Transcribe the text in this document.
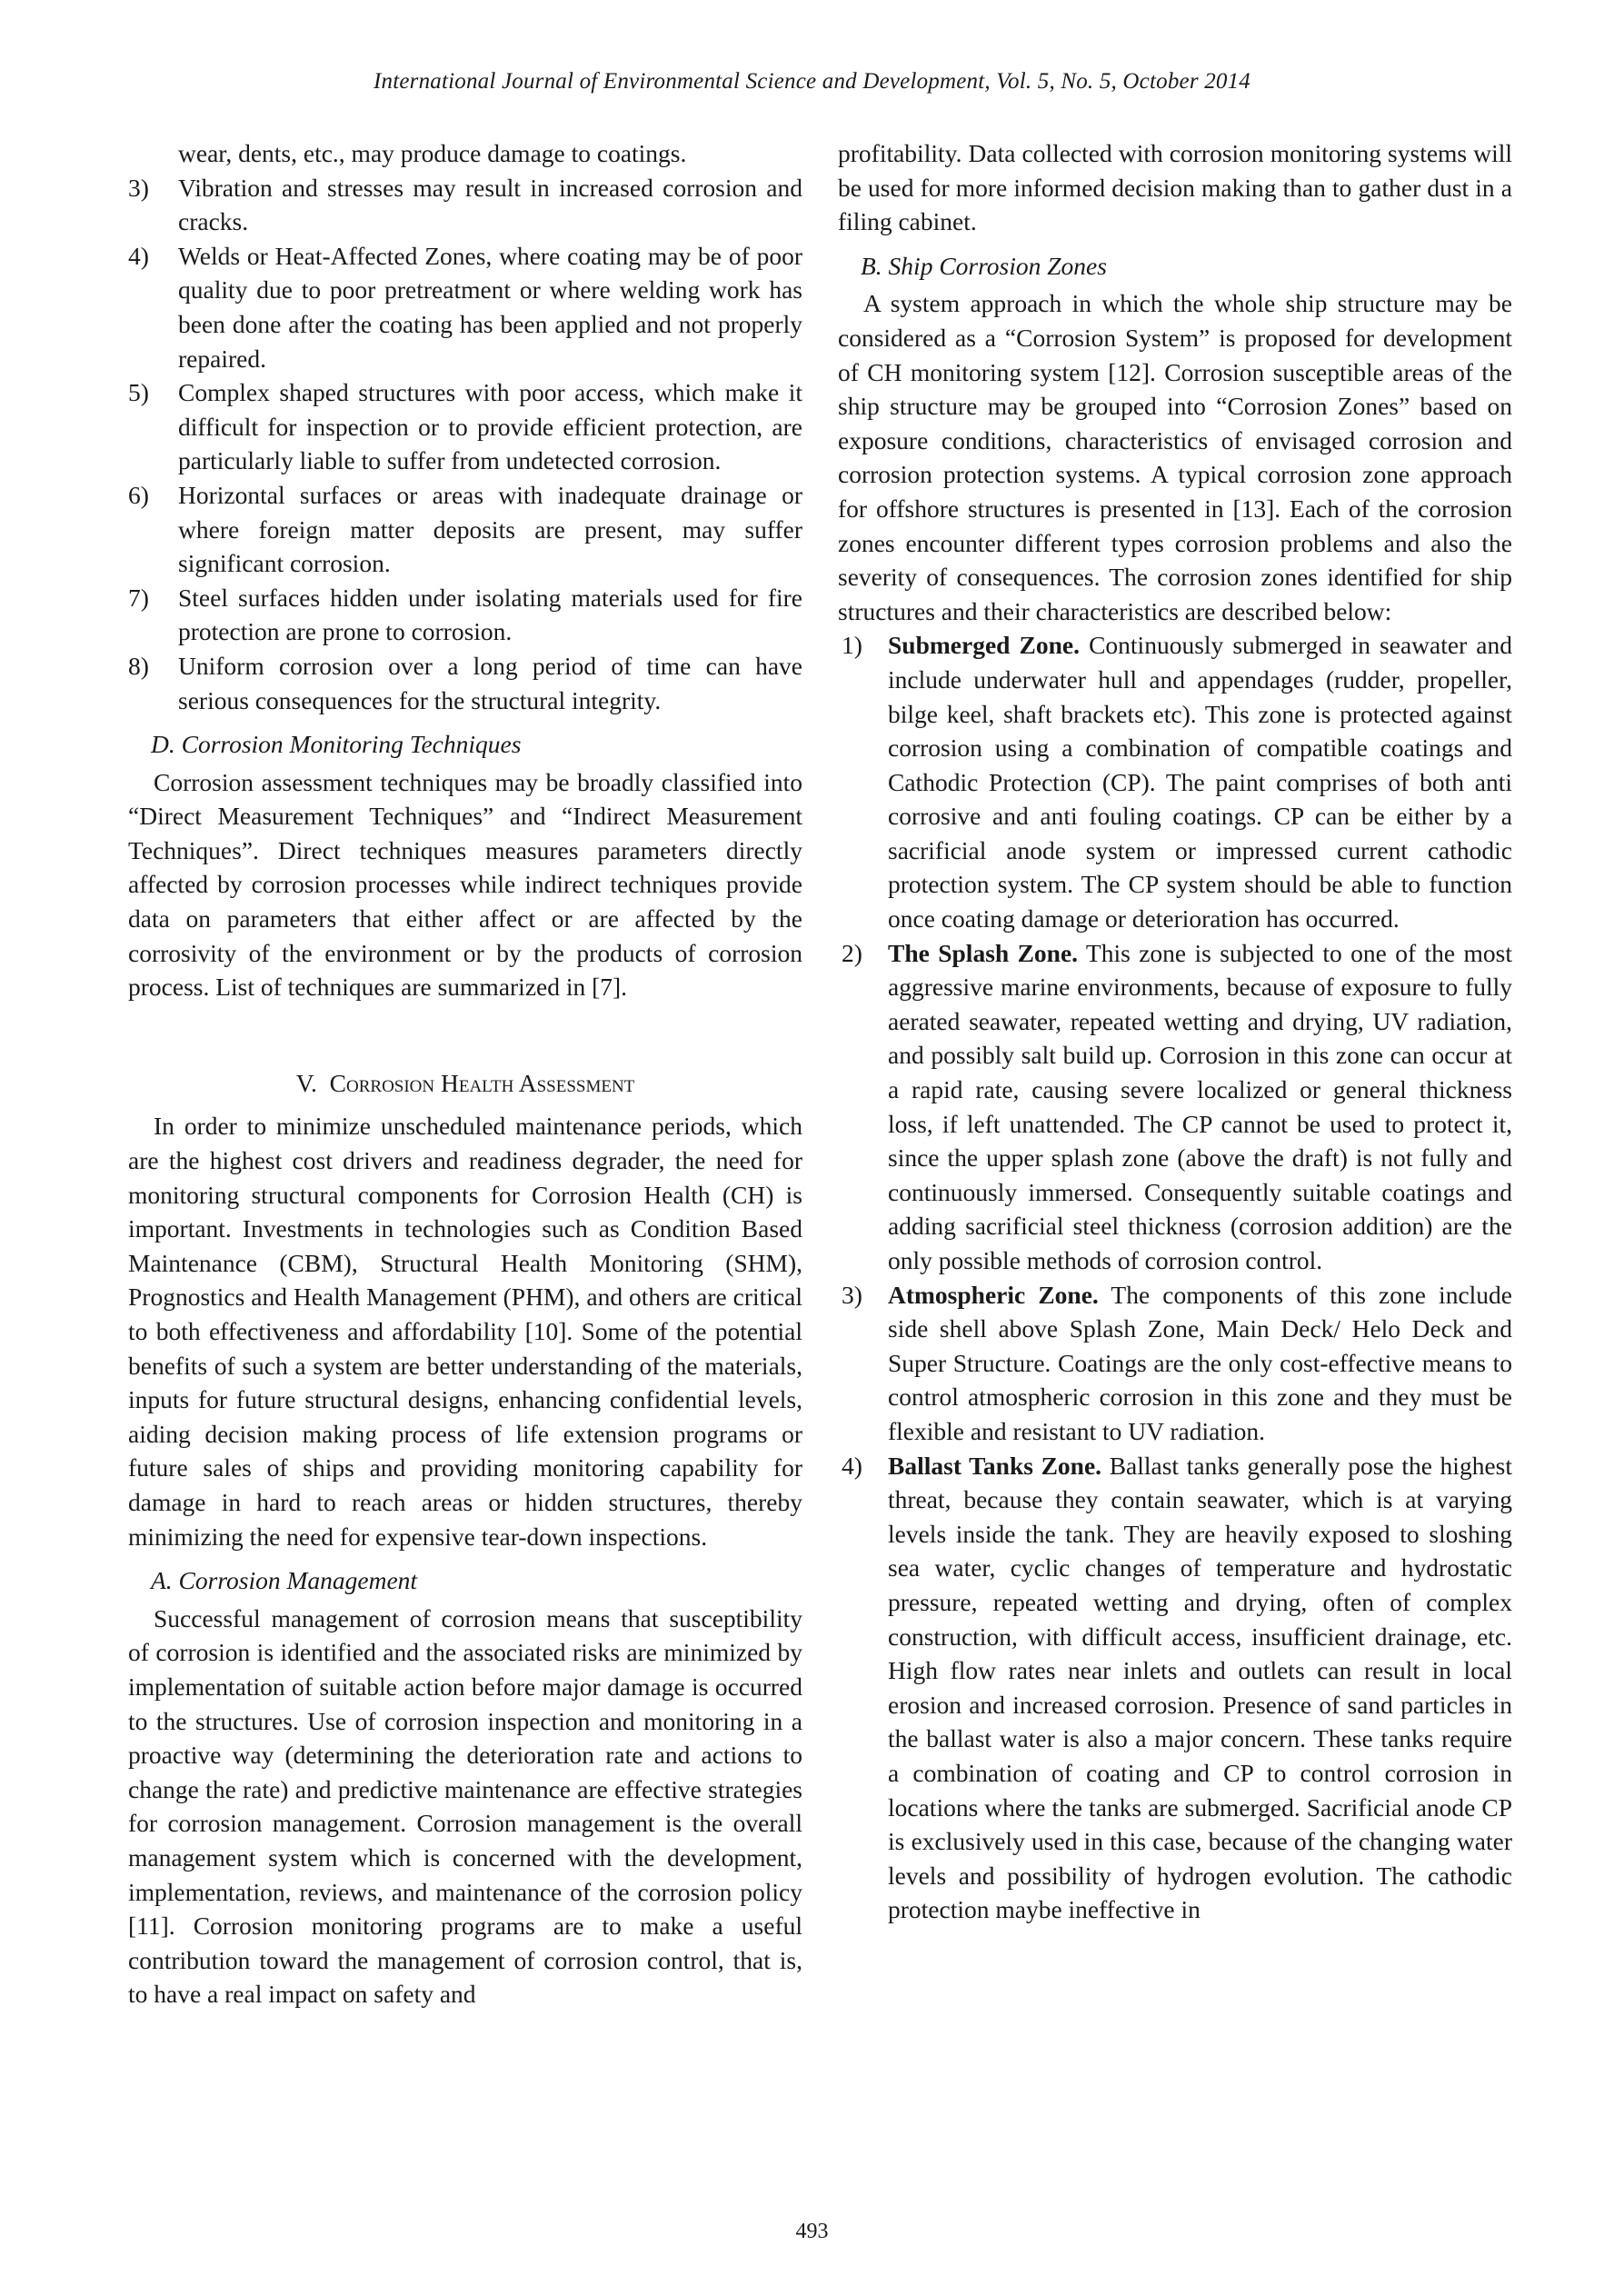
International Journal of Environmental Science and Development, Vol. 5, No. 5, October 2014

wear, dents, etc., may produce damage to coatings.

3) Vibration and stresses may result in increased corrosion and cracks.
4) Welds or Heat-Affected Zones, where coating may be of poor quality due to poor pretreatment or where welding work has been done after the coating has been applied and not properly repaired.
5) Complex shaped structures with poor access, which make it difficult for inspection or to provide efficient protection, are particularly liable to suffer from undetected corrosion.
6) Horizontal surfaces or areas with inadequate drainage or where foreign matter deposits are present, may suffer significant corrosion.
7) Steel surfaces hidden under isolating materials used for fire protection are prone to corrosion.
8) Uniform corrosion over a long period of time can have serious consequences for the structural integrity.
D. Corrosion Monitoring Techniques

Corrosion assessment techniques may be broadly classified into “Direct Measurement Techniques” and “Indirect Measurement Techniques”. Direct techniques measures parameters directly affected by corrosion processes while indirect techniques provide data on parameters that either affect or are affected by the corrosivity of the environment or by the products of corrosion process. List of techniques are summarized in [7].

V. Corrosion Health Assessment

In order to minimize unscheduled maintenance periods, which are the highest cost drivers and readiness degrader, the need for monitoring structural components for Corrosion Health (CH) is important. Investments in technologies such as Condition Based Maintenance (CBM), Structural Health Monitoring (SHM), Prognostics and Health Management (PHM), and others are critical to both effectiveness and affordability [10]. Some of the potential benefits of such a system are better understanding of the materials, inputs for future structural designs, enhancing confidential levels, aiding decision making process of life extension programs or future sales of ships and providing monitoring capability for damage in hard to reach areas or hidden structures, thereby minimizing the need for expensive tear-down inspections.

A. Corrosion Management

Successful management of corrosion means that susceptibility of corrosion is identified and the associated risks are minimized by implementation of suitable action before major damage is occurred to the structures. Use of corrosion inspection and monitoring in a proactive way (determining the deterioration rate and actions to change the rate) and predictive maintenance are effective strategies for corrosion management. Corrosion management is the overall management system which is concerned with the development, implementation, reviews, and maintenance of the corrosion policy [11]. Corrosion monitoring programs are to make a useful contribution toward the management of corrosion control, that is, to have a real impact on safety and

profitability. Data collected with corrosion monitoring systems will be used for more informed decision making than to gather dust in a filing cabinet.

B. Ship Corrosion Zones

A system approach in which the whole ship structure may be considered as a “Corrosion System” is proposed for development of CH monitoring system [12]. Corrosion susceptible areas of the ship structure may be grouped into “Corrosion Zones” based on exposure conditions, characteristics of envisaged corrosion and corrosion protection systems. A typical corrosion zone approach for offshore structures is presented in [13]. Each of the corrosion zones encounter different types corrosion problems and also the severity of consequences. The corrosion zones identified for ship structures and their characteristics are described below:

1) Submerged Zone. Continuously submerged in seawater and include underwater hull and appendages (rudder, propeller, bilge keel, shaft brackets etc). This zone is protected against corrosion using a combination of compatible coatings and Cathodic Protection (CP). The paint comprises of both anti corrosive and anti fouling coatings. CP can be either by a sacrificial anode system or impressed current cathodic protection system. The CP system should be able to function once coating damage or deterioration has occurred.
2) The Splash Zone. This zone is subjected to one of the most aggressive marine environments, because of exposure to fully aerated seawater, repeated wetting and drying, UV radiation, and possibly salt build up. Corrosion in this zone can occur at a rapid rate, causing severe localized or general thickness loss, if left unattended. The CP cannot be used to protect it, since the upper splash zone (above the draft) is not fully and continuously immersed. Consequently suitable coatings and adding sacrificial steel thickness (corrosion addition) are the only possible methods of corrosion control.
3) Atmospheric Zone. The components of this zone include side shell above Splash Zone, Main Deck/ Helo Deck and Super Structure. Coatings are the only cost-effective means to control atmospheric corrosion in this zone and they must be flexible and resistant to UV radiation.
4) Ballast Tanks Zone. Ballast tanks generally pose the highest threat, because they contain seawater, which is at varying levels inside the tank. They are heavily exposed to sloshing sea water, cyclic changes of temperature and hydrostatic pressure, repeated wetting and drying, often of complex construction, with difficult access, insufficient drainage, etc. High flow rates near inlets and outlets can result in local erosion and increased corrosion. Presence of sand particles in the ballast water is also a major concern. These tanks require a combination of coating and CP to control corrosion in locations where the tanks are submerged. Sacrificial anode CP is exclusively used in this case, because of the changing water levels and possibility of hydrogen evolution. The cathodic protection maybe ineffective in
493
